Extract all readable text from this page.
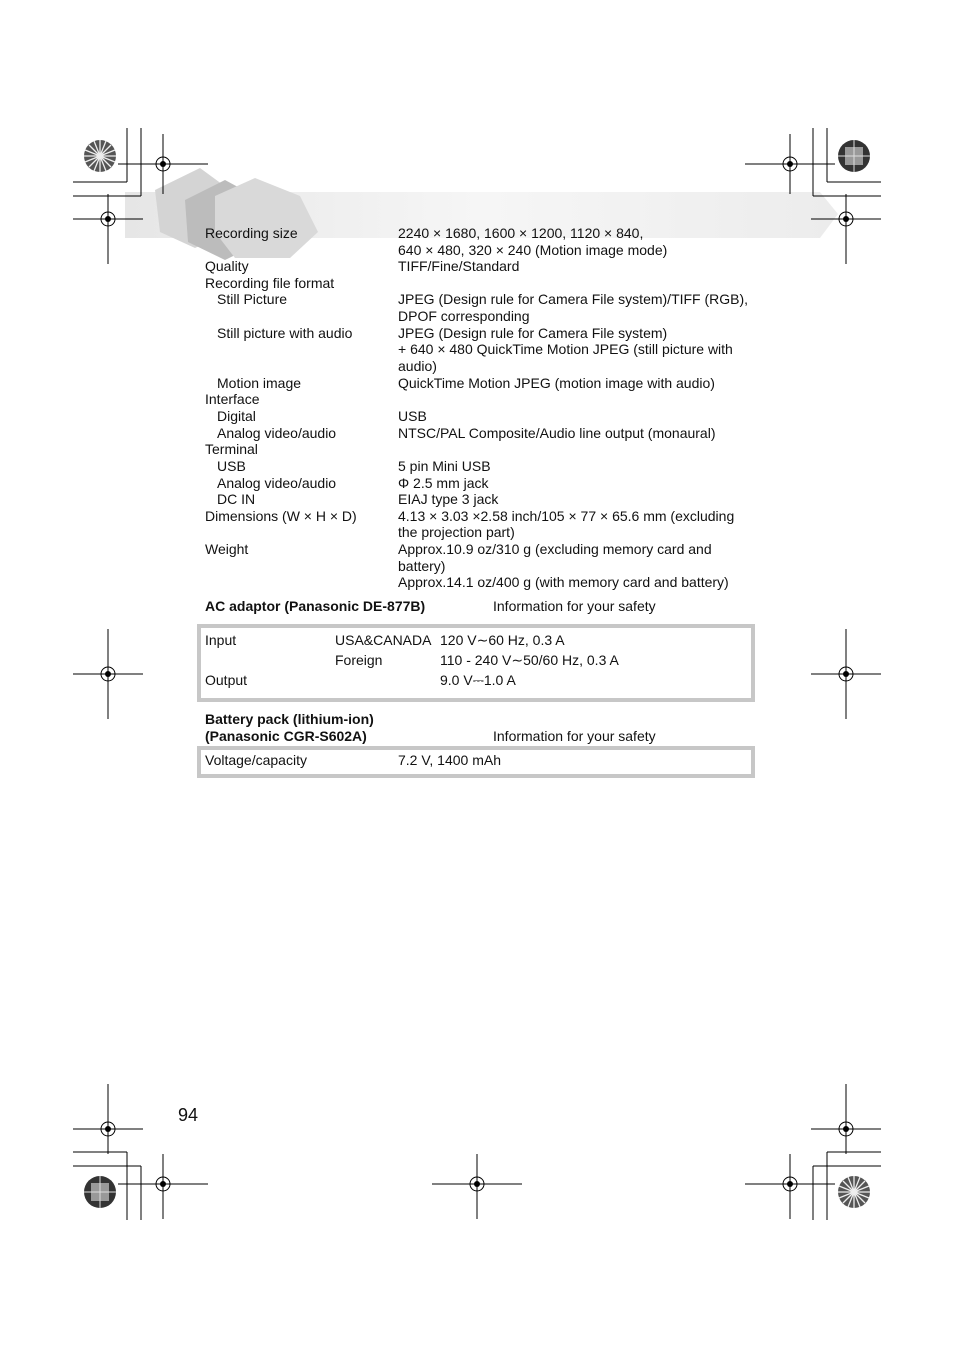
Recording size	2240 × 1680, 1600 × 1200, 1120 × 840,
640 × 480, 320 × 240 (Motion image mode)
Quality	TIFF/Fine/Standard
Recording file format
Still Picture	JPEG (Design rule for Camera File system)/TIFF (RGB),
DPOF corresponding
Still picture with audio	JPEG (Design rule for Camera File system)
+ 640 × 480 QuickTime Motion JPEG (still picture with
audio)
Motion image	QuickTime Motion JPEG (motion image with audio)
Interface
Digital	USB
Analog video/audio	NTSC/PAL Composite/Audio line output (monaural)
Terminal
USB	5 pin Mini USB
Analog video/audio	Φ 2.5 mm jack
DC IN	EIAJ type 3 jack
Dimensions (W × H × D)	4.13 × 3.03 ×2.58 inch/105 × 77 × 65.6 mm (excluding
the projection part)
Weight	Approx.10.9 oz/310 g (excluding memory card and
battery)
Approx.14.1 oz/400 g (with memory card and battery)
AC adaptor (Panasonic DE-877B)	Information for your safety
Input	USA&CANADA 120 V∼60 Hz, 0.3 A
Foreign	110 - 240 V∼50/60 Hz, 0.3 A
Output	9.0 V⎓1.0 A
Battery pack (lithium-ion)
(Panasonic CGR-S602A)	Information for your safety
Voltage/capacity	7.2 V, 1400 mAh
94
